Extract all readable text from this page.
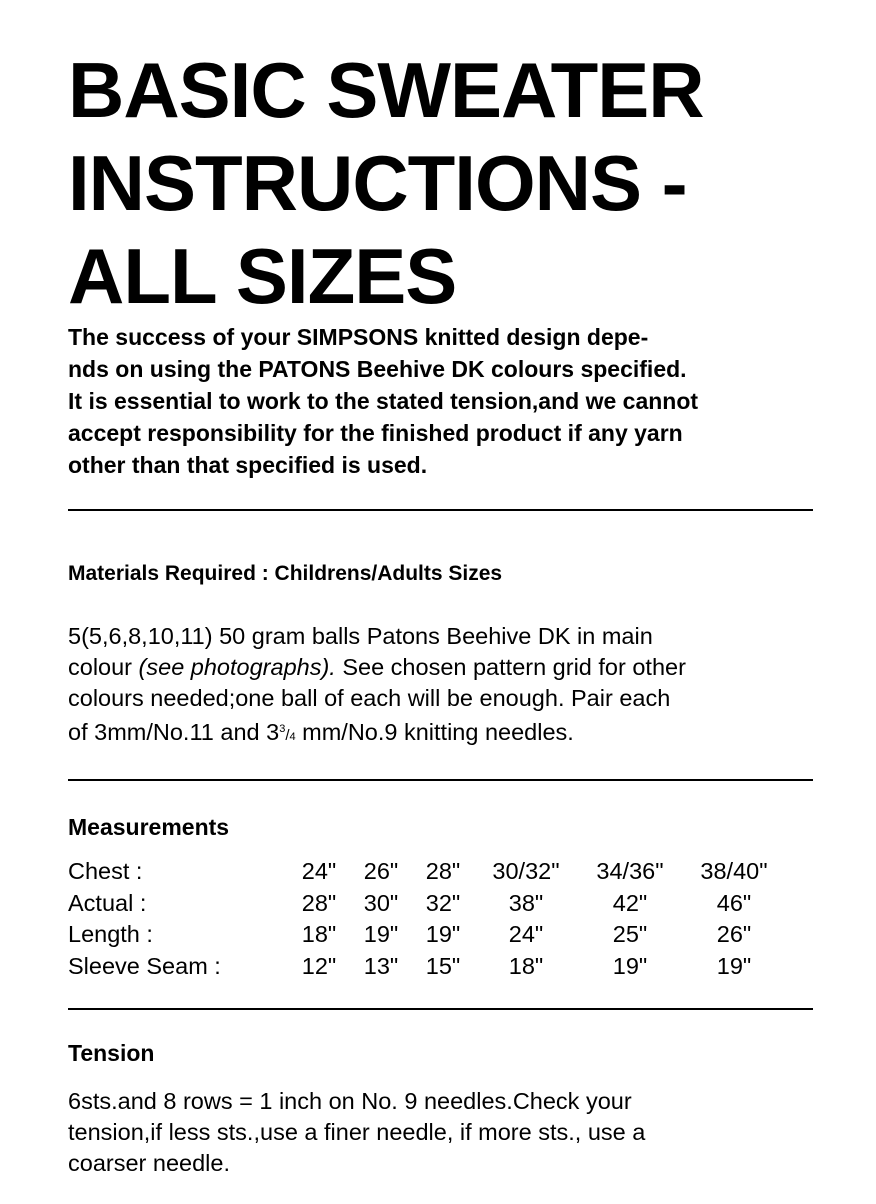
BASIC SWEATER
INSTRUCTIONS -
ALL SIZES

The success of your SIMPSONS knitted design depe-
nds on using the PATONS Beehive DK colours specified.
It is essential to work to the stated tension,and we cannot
accept responsibility for the finished product if any yarn
other than that specified is used.

Materials Required : Childrens/Adults Sizes

5(5,6,8,10,11) 50 gram balls Patons Beehive DK in main
colour (see photographs). See chosen pattern grid for other
colours needed;one ball of each will be enough. Pair each
of 3mm/No.11 and $3^3/4$ mm/No.9 knitting needles.

Measurements
Chest :	24"	26"	28"	30/32"	34/36"	38/40"
Actual :	28"	30"	32"	38"	42"	46"
Length :	18"	19"	19"	24"	25"	26"
Sleeve Seam :	12"	13"	15"	18"	19"	19"
Tension

6sts.and 8 rows = 1 inch on No. 9 needles.Check your
tension,if less sts.,use a finer needle, if more sts., use a
coarser needle.
